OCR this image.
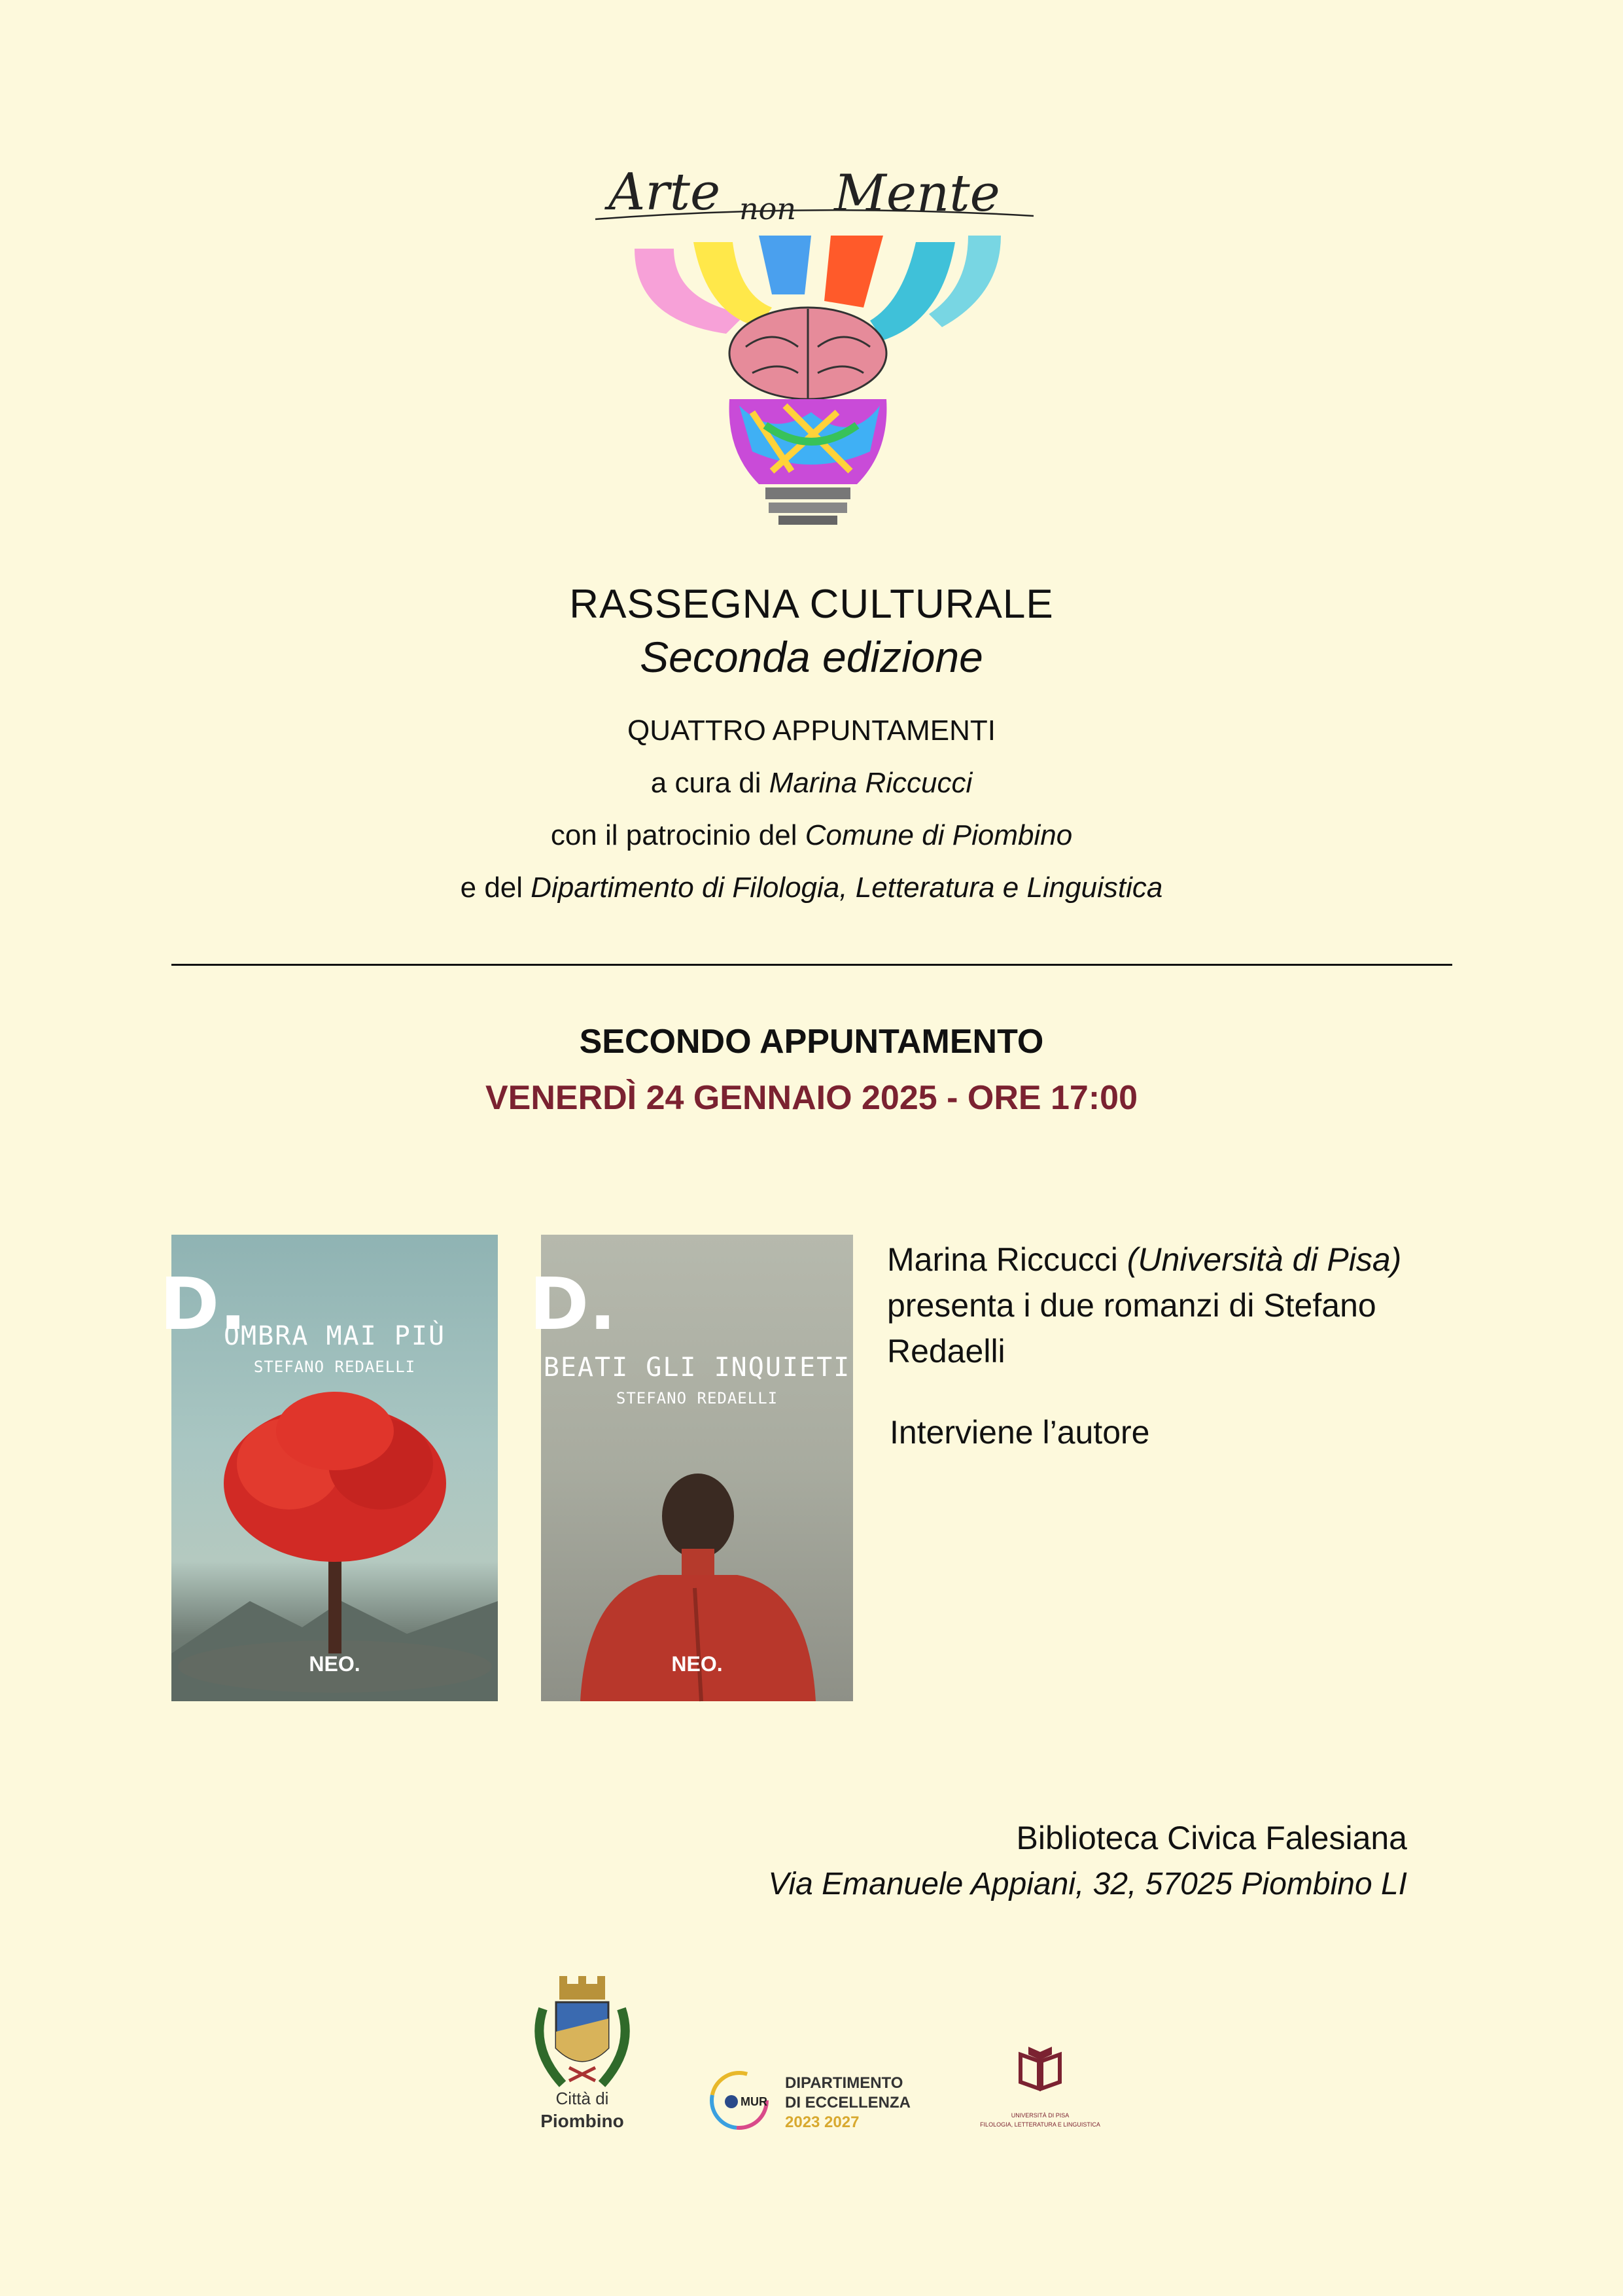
Arte non Mente
RASSEGNA CULTURALE
Seconda edizione
QUATTRO APPUNTAMENTI
a cura di Marina Riccucci
con il patrocinio del Comune di Piombino
e del Dipartimento di Filologia, Letteratura e Linguistica
SECONDO APPUNTAMENTO
VENERDÌ 24 GENNAIO 2025 - ORE 17:00
D.
OMBRA MAI PIÙ
STEFANO REDAELLI
NEO.
D.
BEATI GLI INQUIETI
STEFANO REDAELLI
NEO.
Marina Riccucci (Università di Pisa) presenta i due romanzi di Stefano Redaelli
Interviene l’autore
Biblioteca Civica Falesiana
Via Emanuele Appiani, 32, 57025 Piombino LI
Città di
Piombino
MUR
DIPARTIMENTO
DI ECCELLENZA
2023 2027	UNIVERSITÀ DI PISA
FILOLOGIA, LETTERATURA E LINGUISTICA
